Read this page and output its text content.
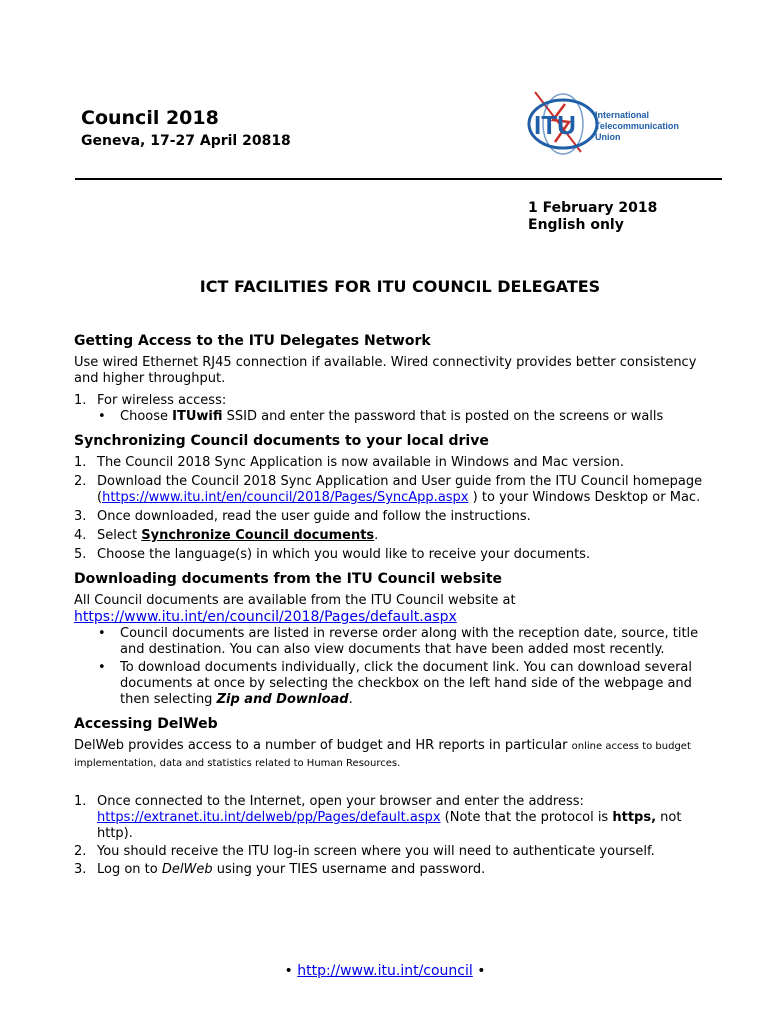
Council 2018
Geneva, 17-27 April 20818
ITU International
Telecommunication
Union
1 February 2018
English only
ICT FACILITIES FOR ITU COUNCIL DELEGATES
Getting Access to the ITU Delegates Network

Use wired Ethernet RJ45 connection if available. Wired connectivity provides better consistency and higher throughput.

1. For wireless access:
• Choose ITUwifi SSID and enter the password that is posted on the screens or walls
Synchronizing Council documents to your local drive
1. The Council 2018 Sync Application is now available in Windows and Mac version.
2. Download the Council 2018 Sync Application and User guide from the ITU Council homepage (https://www.itu.int/en/council/2018/Pages/SyncApp.aspx ) to your Windows Desktop or Mac.
3. Once downloaded, read the user guide and follow the instructions.
4. Select Synchronize Council documents.
5. Choose the language(s) in which you would like to receive your documents.
Downloading documents from the ITU Council website

All Council documents are available from the ITU Council website at

https://www.itu.int/en/council/2018/Pages/default.aspx

• Council documents are listed in reverse order along with the reception date, source, title and destination. You can also view documents that have been added most recently.
• To download documents individually, click the document link. You can download several documents at once by selecting the checkbox on the left hand side of the webpage and then selecting Zip and Download.
Accessing DelWeb

DelWeb provides access to a number of budget and HR reports in particular online access to budget implementation, data and statistics related to Human Resources.

1. Once connected to the Internet, open your browser and enter the address: https://extranet.itu.int/delweb/pp/Pages/default.aspx (Note that the protocol is https, not http).
2. You should receive the ITU log-in screen where you will need to authenticate yourself.
3. Log on to DelWeb using your TIES username and password.
• http://www.itu.int/council •
